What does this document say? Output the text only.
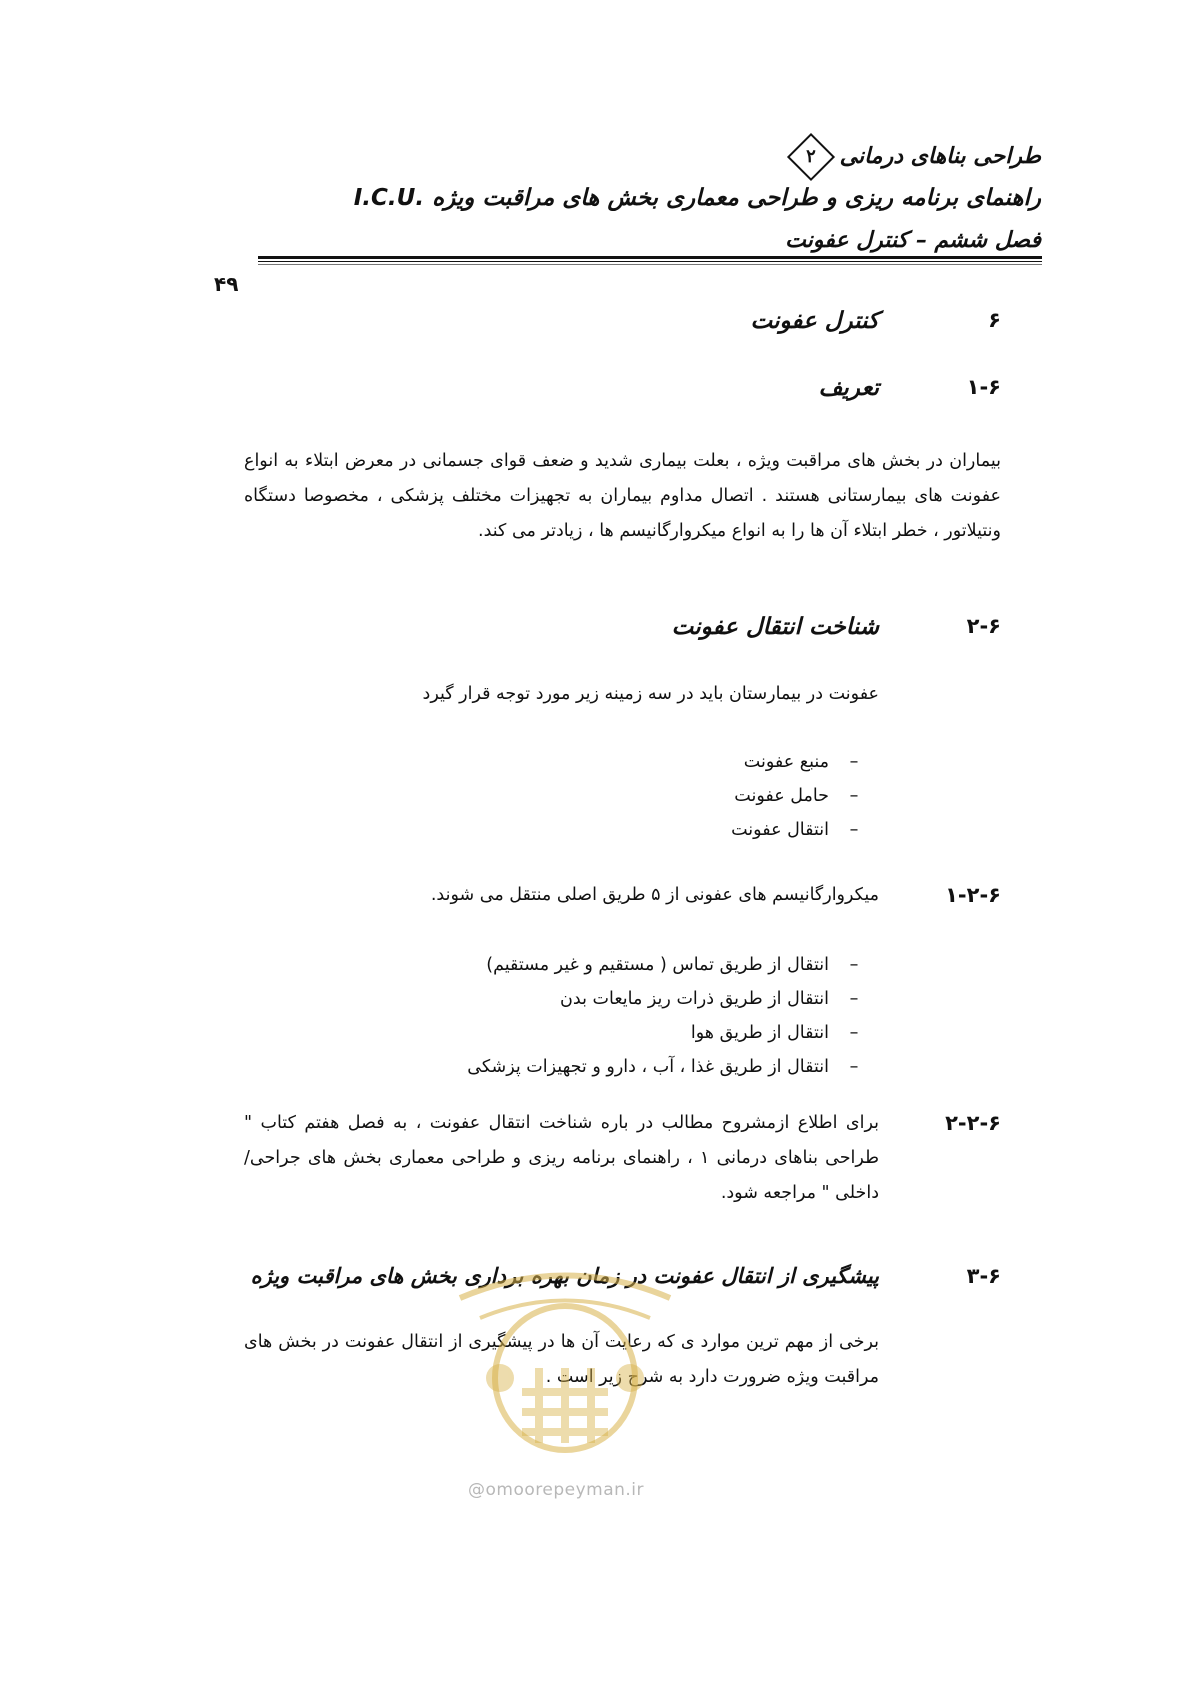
طراحی بناهای درمانی
۲
راهنمای برنامه ریزی و طراحی معماری بخش های مراقبت ویژه .I.C.U
فصل ششم – کنترل عفونت
۴۹
۶
کنترل عفونت
۱-۶
تعریف
بیماران در بخش های مراقبت ویژه ، بعلت بیماری شدید و ضعف قوای جسمانی در معرض ابتلاء به انواع عفونت های بیمارستانی هستند . اتصال مداوم بیماران به تجهیزات مختلف پزشکی ، مخصوصا دستگاه ونتیلاتور ، خطر ابتلاء آن ها را به انواع میکروارگانیسم ها ، زیادتر می کند.
۲-۶
شناخت انتقال عفونت
عفونت در بیمارستان باید در سه زمینه زیر مورد توجه قرار گیرد
–منبع عفونت
–حامل عفونت
–انتقال عفونت
۱-۲-۶
میکروارگانیسم های عفونی از ۵ طریق اصلی منتقل می شوند.
–انتقال از طریق تماس ( مستقیم و غیر مستقیم)
–انتقال از طریق ذرات ریز مایعات بدن
–انتقال از طریق هوا
–انتقال از طریق غذا ، آب ، دارو و تجهیزات پزشکی
۲-۲-۶
برای اطلاع ازمشروح مطالب در باره شناخت انتقال عفونت ، به فصل هفتم کتاب " طراحی بناهای درمانی ۱ ، راهنمای برنامه ریزی و طراحی معماری بخش های جراحی/داخلی " مراجعه شود.
۳-۶
پیشگیری از انتقال عفونت در زمان بهره برداری بخش های مراقبت ویژه
برخی از مهم ترین موارد ی که رعایت آن ها در پیشگیری از انتقال عفونت در بخش های مراقبت ویژه ضرورت دارد به شرح زیر است .
@omoorepeyman.ir
